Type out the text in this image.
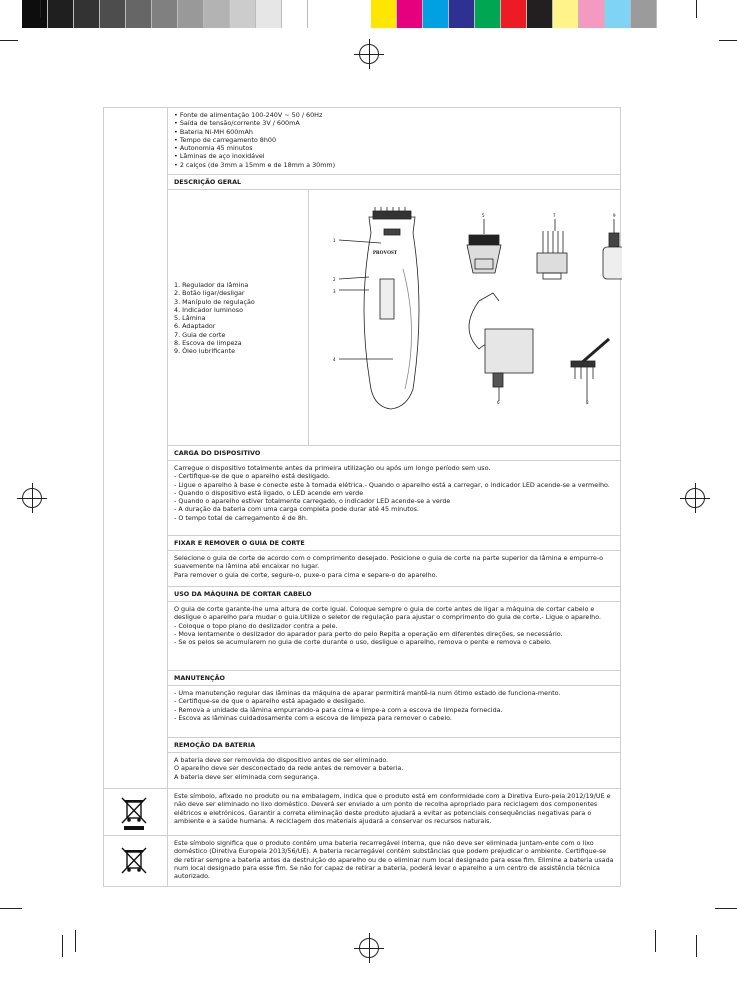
• Fonte de alimentação 100-240V ~ 50 / 60Hz
• Saída de tensão/corrente 3V / 600mA
• Bateria Ni-MH 600mAh
• Tempo de carregamento 8h00
• Autonomia 45 minutos
• Lâminas de aço inoxidável
• 2 calços (de 3mm a 15mm e de 18mm a 30mm)
DESCRIÇÃO GERAL
1. Regulador da lâmina
2. Botão ligar/desligar
3. Manípulo de regulação
4. Indicador luminoso
5. Lâmina
6. Adaptador
7. Guia de corte
8. Escova de limpeza
9. Óleo lubrificante
PROVOST
1
2
3
4
5	7	9
6	8
CARGA DO DISPOSITIVO
Carregue o dispositivo totalmente antes da primeira utilização ou após um longo período sem uso.
- Certifique-se de que o aparelho está desligado.
- Ligue o aparelho à base e conecte este à tomada elétrica.- Quando o aparelho está a carregar, o indicador LED acende-se a vermelho.
- Quando o dispositivo está ligado, o LED acende em verde
- Quando o aparelho estiver totalmente carregado, o indicador LED acende-se a verde
- A duração da bateria com uma carga completa pode durar até 45 minutos.
- O tempo total de carregamento é de 8h.
FIXAR E REMOVER O GUIA DE CORTE
Selecione o guia de corte de acordo com o comprimento desejado. Posicione o guia de corte na parte superior da lâmina e empurre-o suavemente na lâmina até encaixar no lugar.
Para remover o guia de corte, segure-o, puxe-o para cima e separe-o do aparelho.
USO DA MÁQUINA DE CORTAR CABELO
O guia de corte garante-lhe uma altura de corte igual. Coloque sempre o guia de corte antes de ligar a máquina de cortar cabelo e desligue o aparelho para mudar o guia.Utilize o seletor de regulação para ajustar o comprimento do guia de corte.- Ligue o aparelho.
- Coloque o topo plano do deslizador contra a pele.
- Mova lentamente o deslizador do aparador para perto do pelo Repita a operação em diferentes direções, se necessário.
- Se os pelos se acumularem no guia de corte durante o uso, desligue o aparelho, remova o pente e remova o cabelo.
MANUTENÇÃO
- Uma manutenção regular das lâminas da máquina de aparar permitirá mantê-la num ótimo estado de funciona-mento.
- Certifique-se de que o aparelho está apagado e desligado.
- Remova a unidade da lâmina empurrando-a para cima e limpe-a com a escova de limpeza fornecida.
- Escova as lâminas cuidadosamente com a escova de limpeza para remover o cabelo.
REMOÇÃO DA BATERIA
A bateria deve ser removida do dispositivo antes de ser eliminado.
O aparelho deve ser desconectado da rede antes de remover a bateria.
A bateria deve ser eliminada com segurança.
Este símbolo, afixado no produto ou na embalagem, indica que o produto está em conformidade com a Diretiva Euro-peia 2012/19/UE e não deve ser eliminado no lixo doméstico. Deverá ser enviado a um ponto de recolha apropriado para reciclagem dos componentes elétricos e eletrónicos. Garantir a correta eliminação deste produto ajudará a evitar as potenciais consequências negativas para o ambiente e a saúde humana. A reciclagem dos materiais ajudará a conservar os recursos naturais.
Este símbolo significa que o produto contém uma bateria recarregável interna, que não deve ser eliminada juntam-ente com o lixo doméstico (Diretiva Europeia 2013/56/UE). A bateria recarregável contém substâncias que podem prejudicar o ambiente. Certifique-se de retirar sempre a bateria antes da destruição do aparelho ou de o eliminar num local designado para esse fim. Elimine a bateria usada num local designado para esse fim. Se não for capaz de retirar a bateria, poderá levar o aparelho a um centro de assistência técnica autorizado.
